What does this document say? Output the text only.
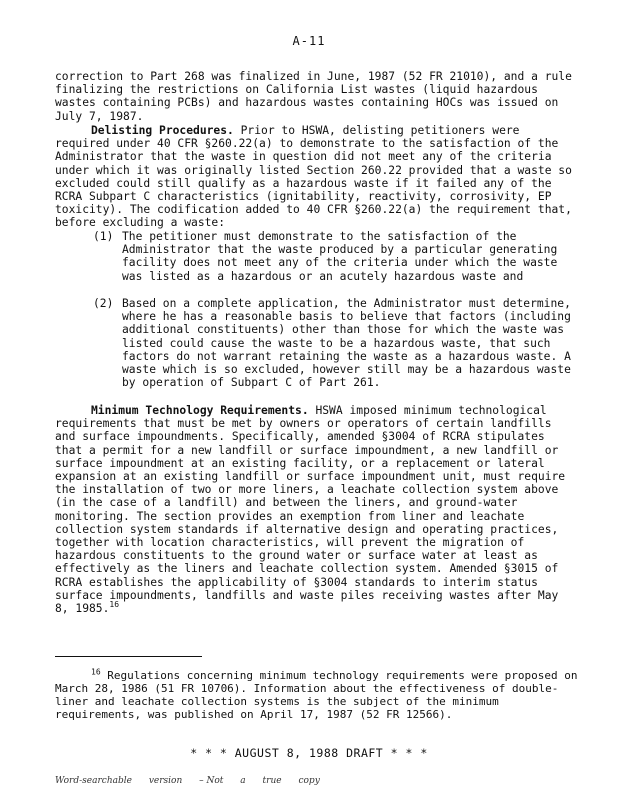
A-11
correction to Part 268 was finalized in June, 1987 (52 FR 21010), and a rule finalizing the restrictions on California List wastes (liquid hazardous wastes containing PCBs) and hazardous wastes containing HOCs was issued on July 7, 1987.
Delisting Procedures. Prior to HSWA, delisting petitioners were required under 40 CFR §260.22(a) to demonstrate to the satisfaction of the Administrator that the waste in question did not meet any of the criteria under which it was originally listed Section 260.22 provided that a waste so excluded could still qualify as a hazardous waste if it failed any of the RCRA Subpart C characteristics (ignitability, reactivity, corrosivity, EP toxicity). The codification added to 40 CFR §260.22(a) the requirement that, before excluding a waste:
(1) The petitioner must demonstrate to the satisfaction of the Administrator that the waste produced by a particular generating facility does not meet any of the criteria under which the waste was listed as a hazardous or an acutely hazardous waste and
(2) Based on a complete application, the Administrator must determine, where he has a reasonable basis to believe that factors (including additional constituents) other than those for which the waste was listed could cause the waste to be a hazardous waste, that such factors do not warrant retaining the waste as a hazardous waste. A waste which is so excluded, however still may be a hazardous waste by operation of Subpart C of Part 261.
Minimum Technology Requirements. HSWA imposed minimum technological requirements that must be met by owners or operators of certain landfills and surface impoundments. Specifically, amended §3004 of RCRA stipulates that a permit for a new landfill or surface impoundment, a new landfill or surface impoundment at an existing facility, or a replacement or lateral expansion at an existing landfill or surface impoundment unit, must require the installation of two or more liners, a leachate collection system above (in the case of a landfill) and between the liners, and ground-water monitoring. The section provides an exemption from liner and leachate collection system standards if alternative design and operating practices, together with location characteristics, will prevent the migration of hazardous constituents to the ground water or surface water at least as effectively as the liners and leachate collection system. Amended §3015 of RCRA establishes the applicability of §3004 standards to interim status surface impoundments, landfills and waste piles receiving wastes after May 8, 1985.16
$^{16}$ Regulations concerning minimum technology requirements were proposed on March 28, 1986 (51 FR 10706). Information about the effectiveness of double-liner and leachate collection systems is the subject of the minimum requirements, was published on April 17, 1987 (52 FR 12566).
* * * AUGUST 8, 1988 DRAFT * * *
Word-searchable version – Not a true copy
